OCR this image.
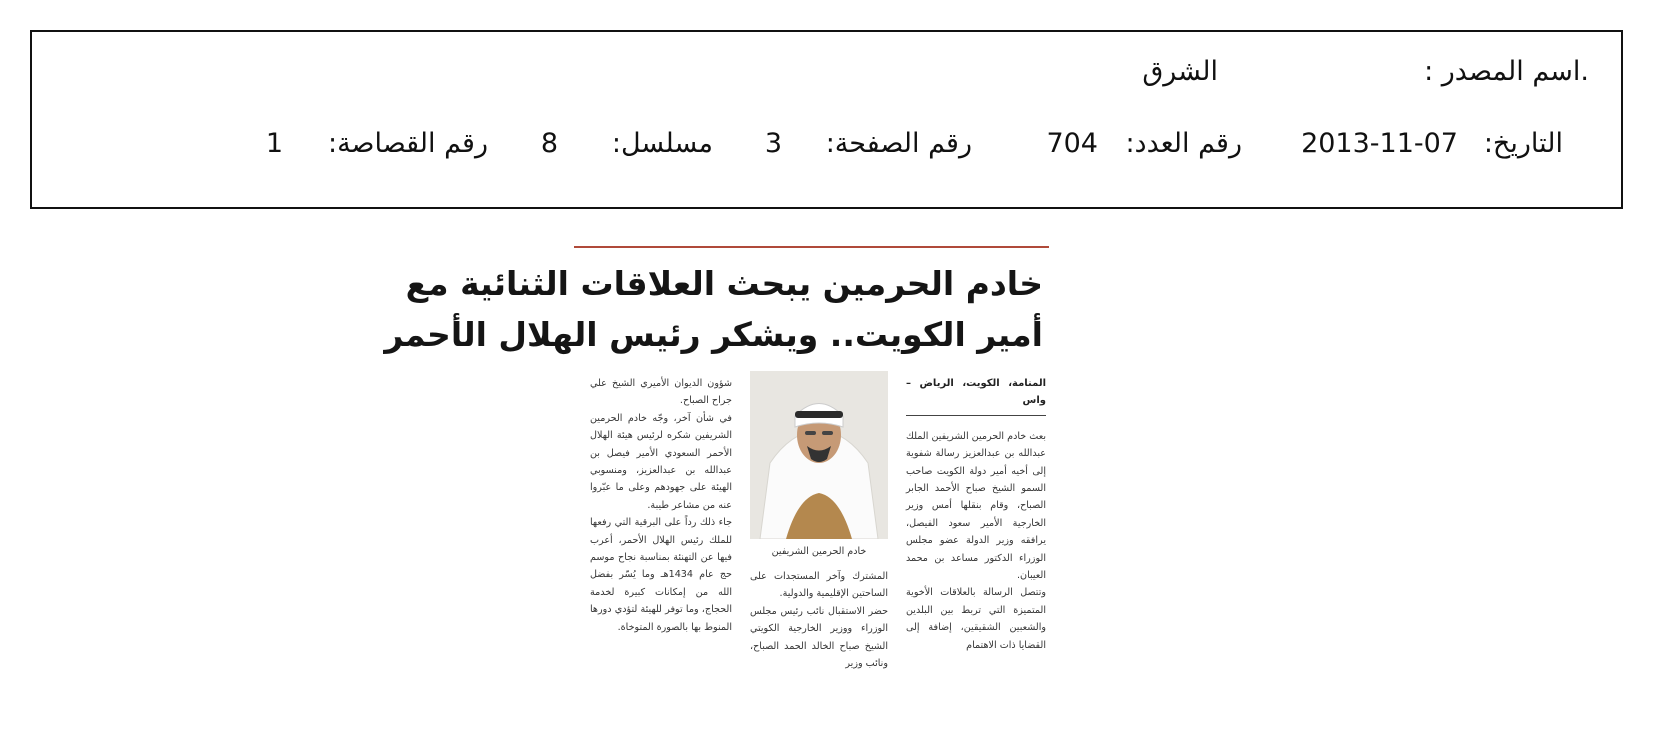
.اسم المصدر :
الشرق
التاريخ:
2013-11-07
رقم العدد:
704
رقم الصفحة:
3
مسلسل:
8
رقم القصاصة:
1
خادم الحرمين يبحث العلاقات الثنائية مع
أمير الكويت.. ويشكر رئيس الهلال الأحمر

المنامة، الكويت، الرياض – واس

بعث خادم الحرمين الشريفين الملك عبدالله بن عبدالعزيز رسالة شفوية إلى أخيه أمير دولة الكويت صاحب السمو الشيخ صباح الأحمد الجابر الصباح، وقام بنقلها أمس وزير الخارجية الأمير سعود الفيصل، يرافقه وزير الدولة عضو مجلس الوزراء الدكتور مساعد بن محمد العيبان.

وتتصل الرسالة بالعلاقات الأخوية المتميزة التي تربط بين البلدين والشعبين الشقيقين، إضافة إلى القضايا ذات الاهتمام

خادم الحرمين الشريفين

المشترك وآخر المستجدات على الساحتين الإقليمية والدولية.

حضر الاستقبال نائب رئيس مجلس الوزراء ووزير الخارجية الكويتي الشيخ صباح الخالد الحمد الصباح، ونائب وزير

شؤون الديوان الأميري الشيخ علي جراح الصباح.

في شأن آخر، وجّه خادم الحرمين الشريفين شكره لرئيس هيئة الهلال الأحمر السعودي الأمير فيصل بن عبدالله بن عبدالعزيز، ومنسوبي الهيئة على جهودهم وعلى ما عبّروا عنه من مشاعر طيبة.

جاء ذلك رداً على البرقية التي رفعها للملك رئيس الهلال الأحمر، أعرب فيها عن التهنئة بمناسبة نجاح موسم حج عام 1434هـ وما يُسّر بفضل الله من إمكانات كبيرة لخدمة الحجاج، وما توفر للهيئة لتؤدي دورها المنوط بها بالصورة المتوخاة.
